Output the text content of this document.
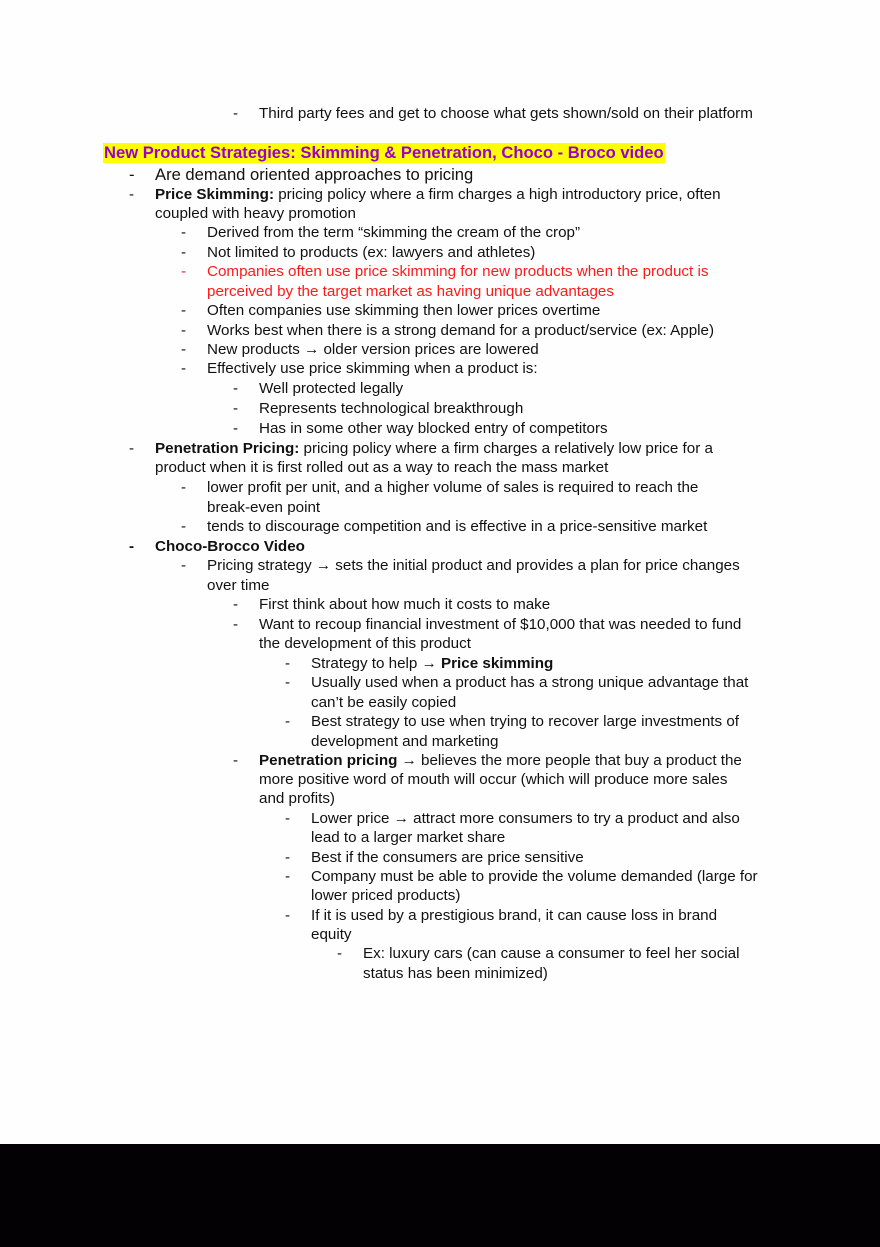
- Third party fees and get to choose what gets shown/sold on their platform
New Product Strategies: Skimming & Penetration, Choco - Broco video
- Are demand oriented approaches to pricing
- Price Skimming: pricing policy where a firm charges a high introductory price, often
coupled with heavy promotion
- Derived from the term “skimming the cream of the crop”
- Not limited to products (ex: lawyers and athletes)
- Companies often use price skimming for new products when the product is
perceived by the target market as having unique advantages
- Often companies use skimming then lower prices overtime
- Works best when there is a strong demand for a product/service (ex: Apple)
- New products → older version prices are lowered
- Effectively use price skimming when a product is:
- Well protected legally
- Represents technological breakthrough
- Has in some other way blocked entry of competitors
- Penetration Pricing: pricing policy where a firm charges a relatively low price for a
product when it is first rolled out as a way to reach the mass market
- lower profit per unit, and a higher volume of sales is required to reach the
break-even point
- tends to discourage competition and is effective in a price-sensitive market
- Choco-Brocco Video
- Pricing strategy → sets the initial product and provides a plan for price changes
over time
- First think about how much it costs to make
- Want to recoup financial investment of $10,000 that was needed to fund
the development of this product
- Strategy to help → Price skimming
- Usually used when a product has a strong unique advantage that
can’t be easily copied
- Best strategy to use when trying to recover large investments of
development and marketing
- Penetration pricing → believes the more people that buy a product the
more positive word of mouth will occur (which will produce more sales
and profits)
- Lower price → attract more consumers to try a product and also
lead to a larger market share
- Best if the consumers are price sensitive
- Company must be able to provide the volume demanded (large for
lower priced products)
- If it is used by a prestigious brand, it can cause loss in brand
equity
- Ex: luxury cars (can cause a consumer to feel her social
status has been minimized)
